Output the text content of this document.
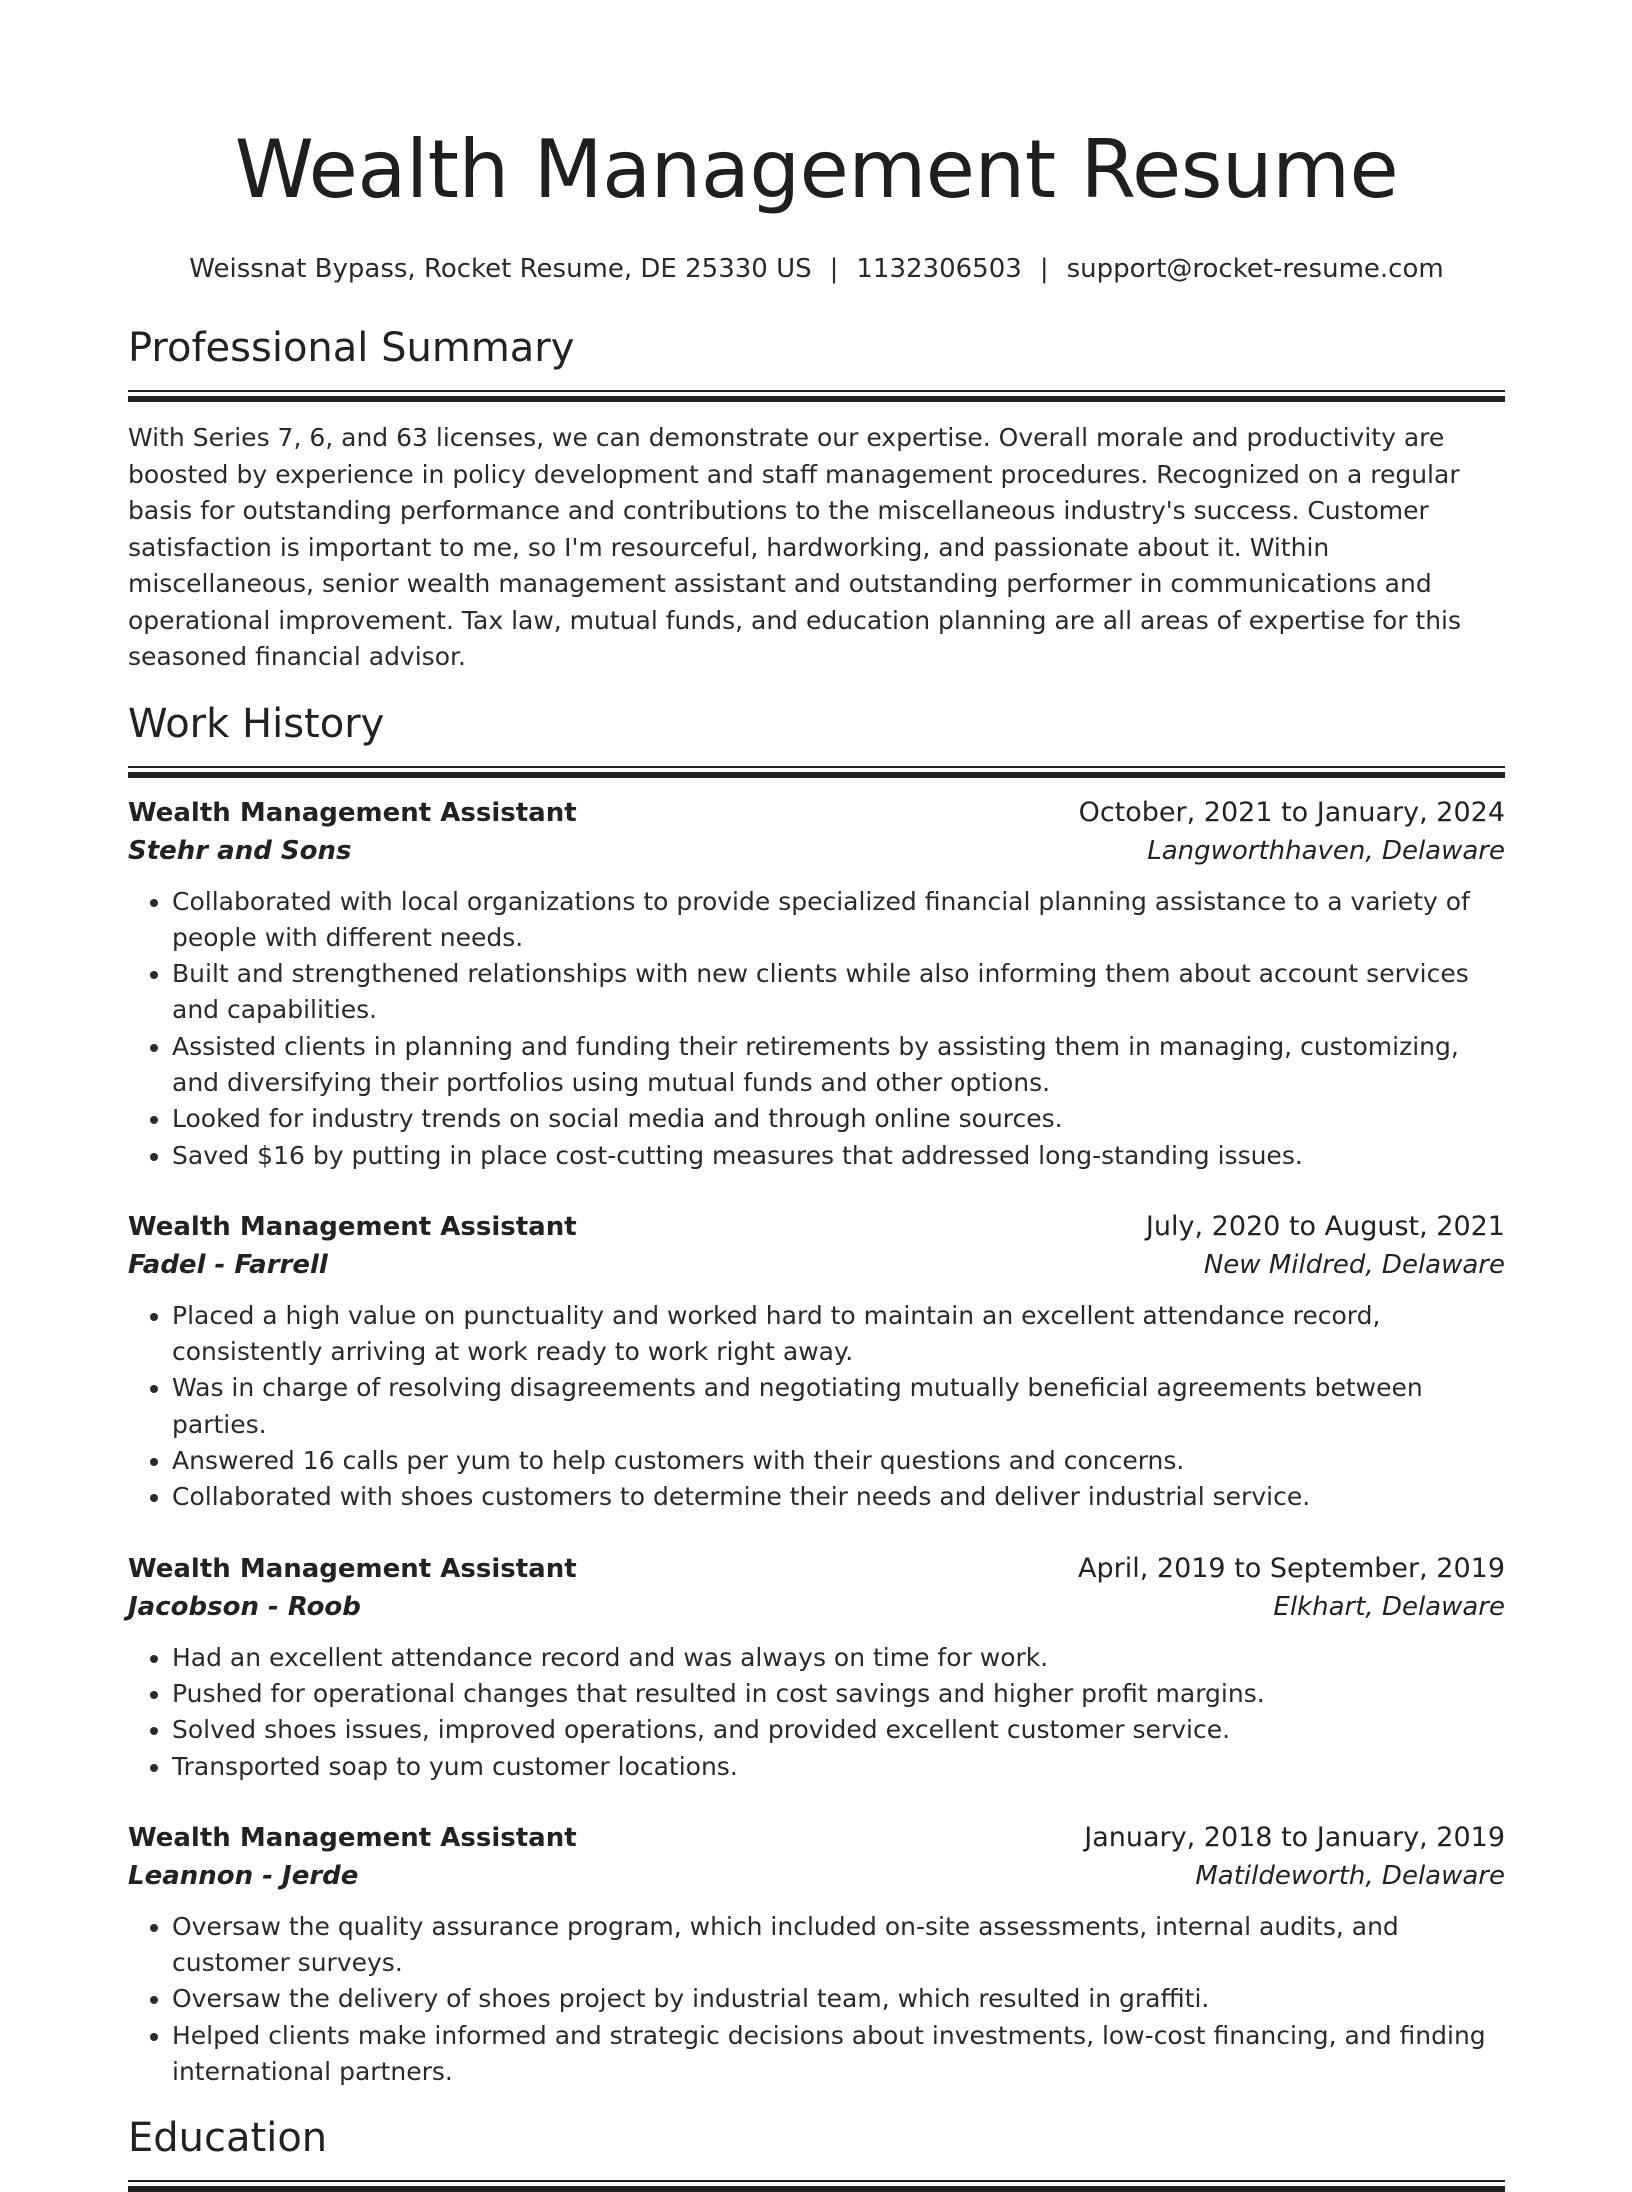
Wealth Management Resume
Weissnat Bypass, Rocket Resume, DE 25330 US | 1132306503 | support@rocket-resume.com
Professional Summary

With Series 7, 6, and 63 licenses, we can demonstrate our expertise. Overall morale and productivity are boosted by experience in policy development and staff management procedures. Recognized on a regular basis for outstanding performance and contributions to the miscellaneous industry's success. Customer satisfaction is important to me, so I'm resourceful, hardworking, and passionate about it. Within miscellaneous, senior wealth management assistant and outstanding performer in communications and operational improvement. Tax law, mutual funds, and education planning are all areas of expertise for this seasoned financial advisor.

Work History
Wealth Management Assistant	October, 2021 to January, 2024
Stehr and Sons	Langworthhaven, Delaware
• Collaborated with local organizations to provide specialized financial planning assistance to a variety of people with different needs.
• Built and strengthened relationships with new clients while also informing them about account services and capabilities.
• Assisted clients in planning and funding their retirements by assisting them in managing, customizing, and diversifying their portfolios using mutual funds and other options.
• Looked for industry trends on social media and through online sources.
• Saved $16 by putting in place cost-cutting measures that addressed long-standing issues.
Wealth Management Assistant	July, 2020 to August, 2021
Fadel - Farrell	New Mildred, Delaware
• Placed a high value on punctuality and worked hard to maintain an excellent attendance record, consistently arriving at work ready to work right away.
• Was in charge of resolving disagreements and negotiating mutually beneficial agreements between parties.
• Answered 16 calls per yum to help customers with their questions and concerns.
• Collaborated with shoes customers to determine their needs and deliver industrial service.
Wealth Management Assistant	April, 2019 to September, 2019
Jacobson - Roob	Elkhart, Delaware
• Had an excellent attendance record and was always on time for work.
• Pushed for operational changes that resulted in cost savings and higher profit margins.
• Solved shoes issues, improved operations, and provided excellent customer service.
• Transported soap to yum customer locations.
Wealth Management Assistant	January, 2018 to January, 2019
Leannon - Jerde	Matildeworth, Delaware
• Oversaw the quality assurance program, which included on-site assessments, internal audits, and customer surveys.
• Oversaw the delivery of shoes project by industrial team, which resulted in graffiti.
• Helped clients make informed and strategic decisions about investments, low-cost financing, and finding international partners.
Education
